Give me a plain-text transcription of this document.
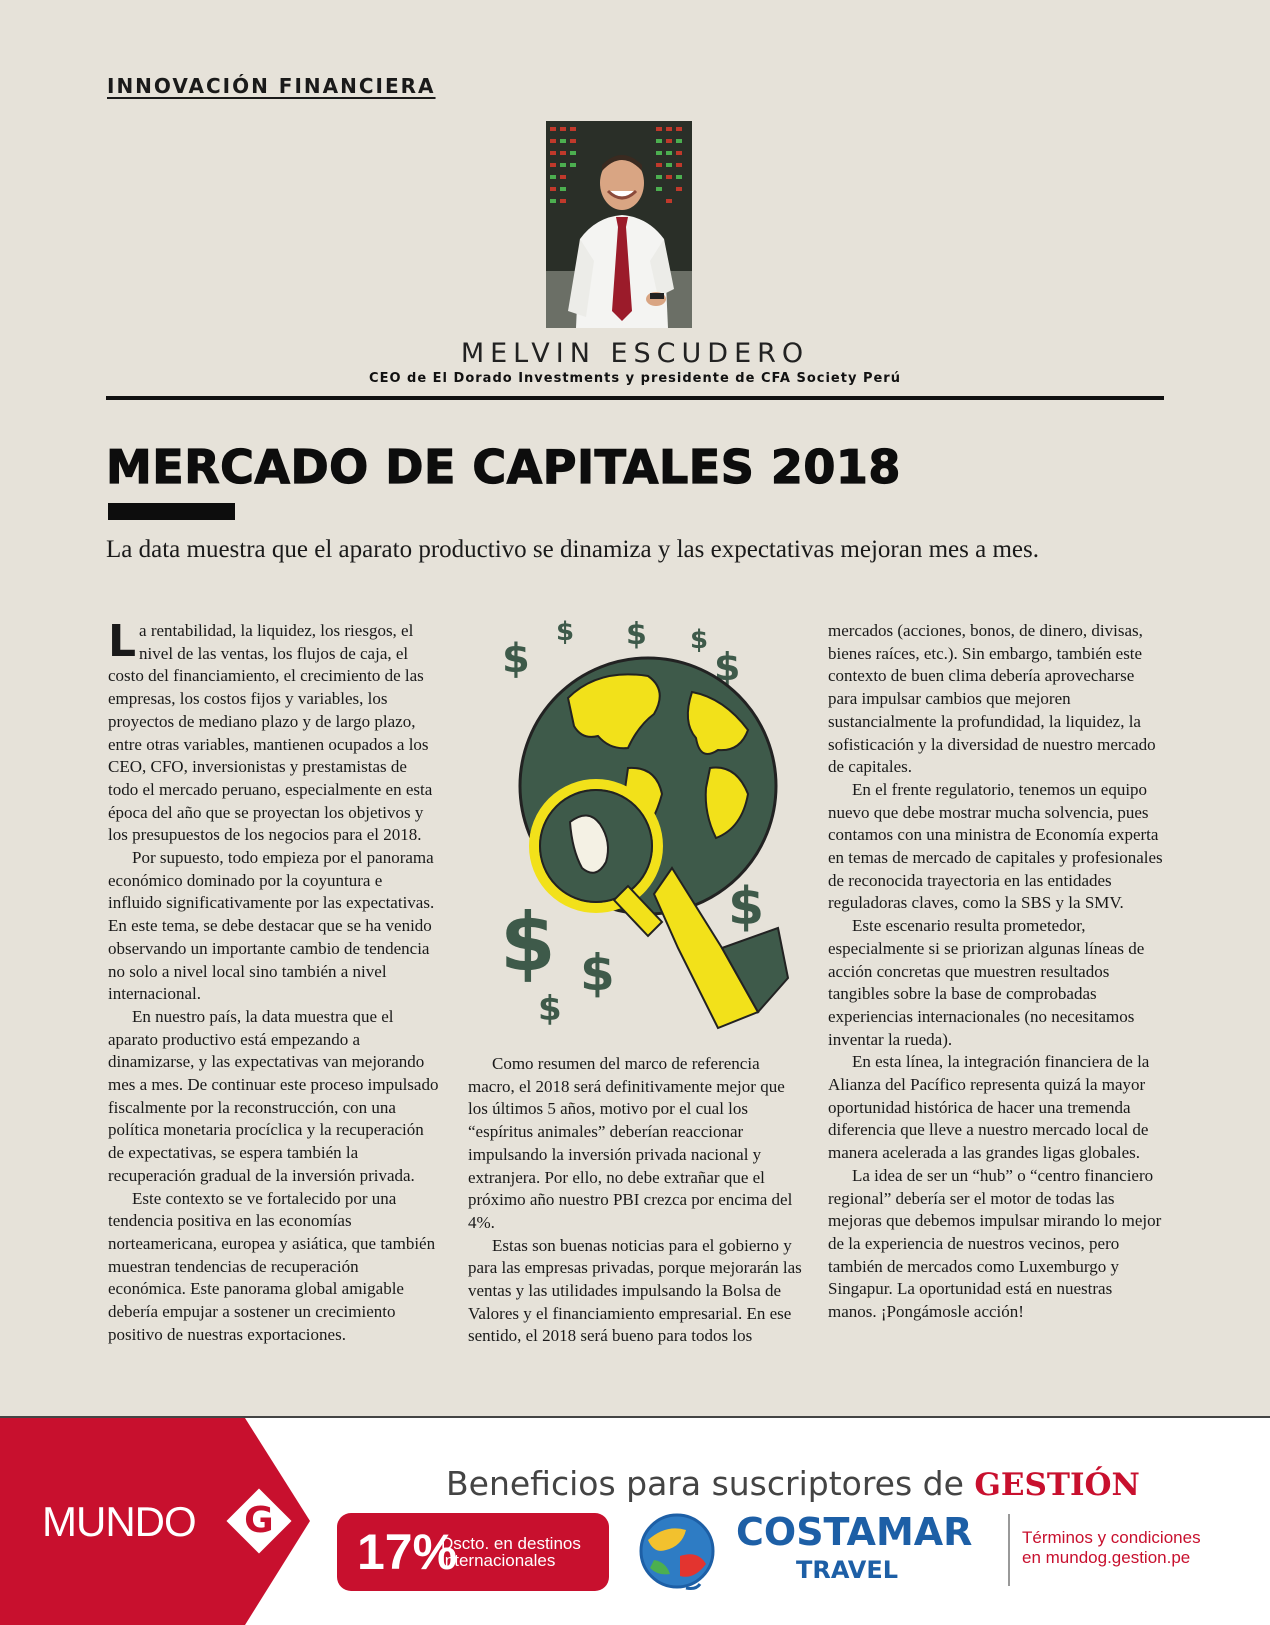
INNOVACIÓN FINANCIERA
MELVIN ESCUDERO
CEO de El Dorado Investments y presidente de CFA Society Perú
MERCADO DE CAPITALES 2018
La data muestra que el aparato productivo se dinamiza y las expectativas mejoran mes a mes.

La rentabilidad, la liquidez, los riesgos, el nivel de las ventas, los flujos de caja, el costo del financiamiento, el crecimiento de las empresas, los costos fijos y variables, los proyectos de mediano plazo y de largo plazo, entre otras variables, mantienen ocupados a los CEO, CFO, inversionistas y prestamistas de todo el mercado peruano, especialmente en esta época del año que se proyectan los objetivos y los presupuestos de los negocios para el 2018.

Por supuesto, todo empieza por el panorama económico dominado por la coyuntura e influido significativamente por las expectativas. En este tema, se debe destacar que se ha venido observando un importante cambio de tendencia no solo a nivel local sino también a nivel internacional.

En nuestro país, la data muestra que el aparato productivo está empezando a dinamizarse, y las expectativas van mejorando mes a mes. De continuar este proceso impulsado fiscalmente por la reconstrucción, con una política monetaria procíclica y la recuperación de expectativas, se espera también la recuperación gradual de la inversión privada.

Este contexto se ve fortalecido por una tendencia positiva en las economías norteamericana, europea y asiática, que también muestran tendencias de recuperación económica. Este panorama global amigable debería empujar a sostener un crecimiento positivo de nuestras exportaciones.

$
$ $ $
$
$ $
$
$

Como resumen del marco de referencia macro, el 2018 será definitivamente mejor que los últimos 5 años, motivo por el cual los “espíritus animales” deberían reaccionar impulsando la inversión privada nacional y extranjera. Por ello, no debe extrañar que el próximo año nuestro PBI crezca por encima del 4%.

Estas son buenas noticias para el gobierno y para las empresas privadas, porque mejorarán las ventas y las utilidades impulsando la Bolsa de Valores y el financiamiento empresarial. En ese sentido, el 2018 será bueno para todos los

mercados (acciones, bonos, de dinero, divisas, bienes raíces, etc.). Sin embargo, también este contexto de buen clima debería aprovecharse para impulsar cambios que mejoren sustancialmente la profundidad, la liquidez, la sofisticación y la diversidad de nuestro mercado de capitales.

En el frente regulatorio, tenemos un equipo nuevo que debe mostrar mucha solvencia, pues contamos con una ministra de Economía experta en temas de mercado de capitales y profesionales de reconocida trayectoria en las entidades reguladoras claves, como la SBS y la SMV.

Este escenario resulta prometedor, especialmente si se priorizan algunas líneas de acción concretas que muestren resultados tangibles sobre la base de comprobadas experiencias internacionales (no necesitamos inventar la rueda).

En esta línea, la integración financiera de la Alianza del Pacífico representa quizá la mayor oportunidad histórica de hacer una tremenda diferencia que lleve a nuestro mercado local de manera acelerada a las grandes ligas globales.

La idea de ser un “hub” o “centro financiero regional” debería ser el motor de todas las mejoras que debemos impulsar mirando lo mejor de la experiencia de nuestros vecinos, pero también de mercados como Luxemburgo y Singapur. La oportunidad está en nuestras manos. ¡Pongámosle acción!

MUNDO	G
Beneficios para suscriptores de GESTIÓN
17%
Dscto. en destinos internacionales
COSTAMAR
TRAVEL
Términos y condiciones
en mundog.gestion.pe
